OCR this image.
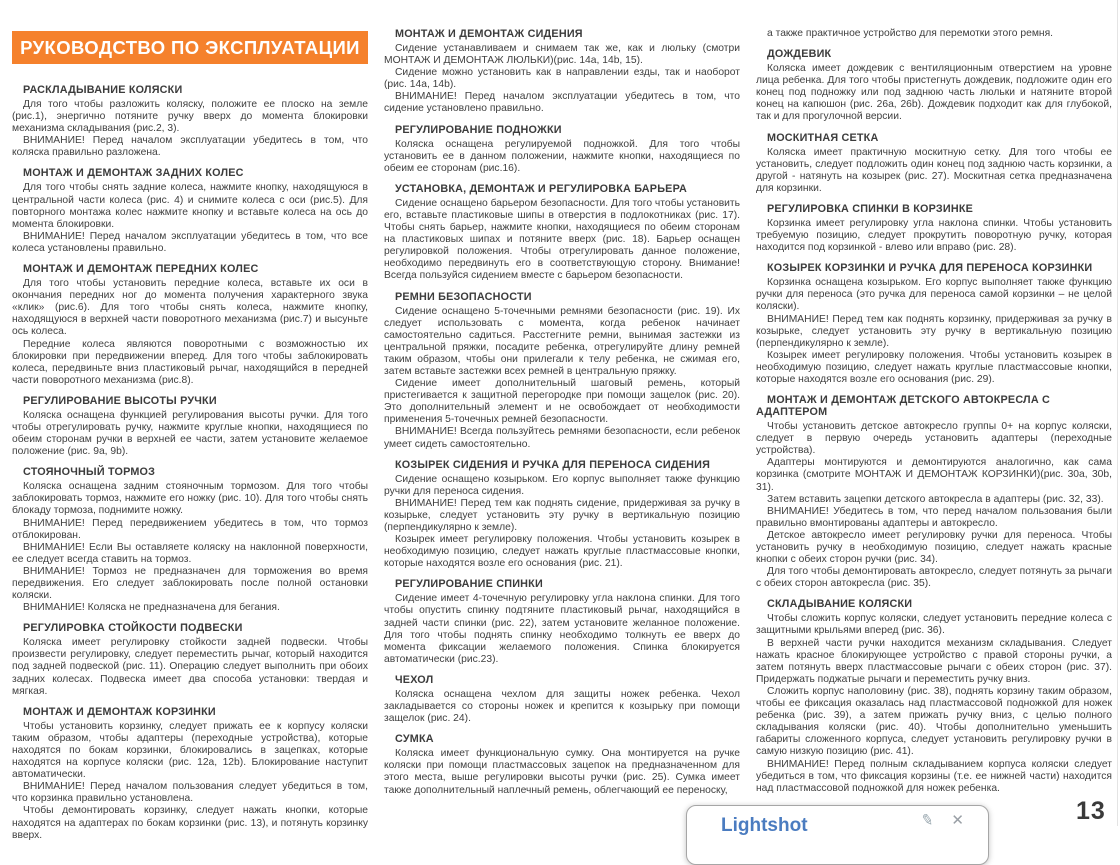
РУКОВОДСТВО ПО ЭКСПЛУАТАЦИИ
РАСКЛАДЫВАНИЕ КОЛЯСКИ

Для того чтобы разложить коляску, положите ее плоско на земле (рис.1), энергично потяните ручку вверх до момента блокировки механизма складывания (рис.2, 3).

ВНИМАНИЕ! Перед началом эксплуатации убедитесь в том, что коляска правильно разложена.

МОНТАЖ И ДЕМОНТАЖ ЗАДНИХ КОЛЕС

Для того чтобы снять задние колеса, нажмите кнопку, находящуюся в центральной части колеса (рис. 4) и снимите колеса с оси (рис.5). Для повторного монтажа колес нажмите кнопку и вставьте колеса на ось до момента блокировки.

ВНИМАНИЕ! Перед началом эксплуатации убедитесь в том, что все колеса установлены правильно.

МОНТАЖ И ДЕМОНТАЖ ПЕРЕДНИХ КОЛЕС

Для того чтобы установить передние колеса, вставьте их оси в окончания передних ног до момента получения характерного звука «клик» (рис.6). Для того чтобы снять колеса, нажмите кнопку, находящуюся в верхней части поворотного механизма (рис.7) и высуньте ось колеса.

Передние колеса являются поворотными с возможностью их блокировки при передвижении вперед. Для того чтобы заблокировать колеса, передвиньте вниз пластиковый рычаг, находящийся в передней части поворотного механизма (рис.8).

РЕГУЛИРОВАНИЕ ВЫСОТЫ РУЧКИ

Коляска оснащена функцией регулирования высоты ручки. Для того чтобы отрегулировать ручку, нажмите круглые кнопки, находящиеся по обеим сторонам ручки в верхней ее части, затем установите желаемое положение (рис. 9a, 9b).

СТОЯНОЧНЫЙ ТОРМОЗ

Коляска оснащена задним стояночным тормозом. Для того чтобы заблокировать тормоз, нажмите его ножку (рис. 10). Для того чтобы снять блокаду тормоза, поднимите ножку.

ВНИМАНИЕ! Перед передвижением убедитесь в том, что тормоз отблокирован.

ВНИМАНИЕ! Если Вы оставляете коляску на наклонной поверхности, ее следует всегда ставить на тормоз.

ВНИМАНИЕ! Тормоз не предназначен для торможения во время передвижения. Его следует заблокировать после полной остановки коляски.

ВНИМАНИЕ! Коляска не предназначена для бегания.

РЕГУЛИРОВКА СТОЙКОСТИ ПОДВЕСКИ

Коляска имеет регулировку стойкости задней подвески. Чтобы произвести регулировку, следует переместить рычаг, который находится под задней подвеской (рис. 11). Операцию следует выполнить при обоих задних колесах. Подвеска имеет два способа установки: твердая и мягкая.

МОНТАЖ И ДЕМОНТАЖ КОРЗИНКИ

Чтобы установить корзинку, следует прижать ее к корпусу коляски таким образом, чтобы адаптеры (переходные устройства), которые находятся по бокам корзинки, блокировались в зацепках, которые находятся на корпусе коляски (рис. 12a, 12b). Блокирование наступит автоматически.

ВНИМАНИЕ! Перед началом пользования следует убедиться в том, что корзинка правильно установлена.

Чтобы демонтировать корзинку, следует нажать кнопки, которые находятся на адаптерах по бокам корзинки (рис. 13), и потянуть корзинку вверх.

МОНТАЖ И ДЕМОНТАЖ СИДЕНИЯ

Сидение устанавливаем и снимаем так же, как и люльку (смотри МОНТАЖ И ДЕМОНТАЖ ЛЮЛЬКИ)(рис. 14a, 14b, 15).

Сидение можно установить как в направлении езды, так и наоборот (рис. 14a, 14b).

ВНИМАНИЕ! Перед началом эксплуатации убедитесь в том, что сидение установлено правильно.

РЕГУЛИРОВАНИЕ ПОДНОЖКИ

Коляска оснащена регулируемой подножкой. Для того чтобы установить ее в данном положении, нажмите кнопки, находящиеся по обеим ее сторонам (рис.16).

УСТАНОВКА, ДЕМОНТАЖ И РЕГУЛИРОВКА БАРЬЕРА

Сидение оснащено барьером безопасности. Для того чтобы установить его, вставьте пластиковые шипы в отверстия в подлокотниках (рис. 17). Чтобы снять барьер, нажмите кнопки, находящиеся по обеим сторонам на пластиковых шипах и потяните вверх (рис. 18). Барьер оснащен регулировкой положения. Чтобы отрегулировать данное положение, необходимо передвинуть его в соответствующую сторону. Внимание! Всегда пользуйся сидением вместе с барьером безопасности.

РЕМНИ БЕЗОПАСНОСТИ

Сидение оснащено 5-точечными ремнями безопасности (рис. 19). Их следует использовать с момента, когда ребенок начинает самостоятельно садиться. Расстегните ремни, вынимая застежки из центральной пряжки, посадите ребенка, отрегулируйте длину ремней таким образом, чтобы они прилегали к телу ребенка, не сжимая его, затем вставьте застежки всех ремней в центральную пряжку.

Сидение имеет дополнительный шаговый ремень, который пристегивается к защитной перегородке при помощи защелок (рис. 20). Это дополнительный элемент и не освобождает от необходимости применения 5-точечных ремней безопасности.

ВНИМАНИЕ! Всегда пользуйтесь ремнями безопасности, если ребенок умеет сидеть самостоятельно.

КОЗЫРЕК СИДЕНИЯ И РУЧКА ДЛЯ ПЕРЕНОСА СИДЕНИЯ

Сидение оснащено козырьком. Его корпус выполняет также функцию ручки для переноса сидения.

ВНИМАНИЕ! Перед тем как поднять сидение, придерживая за ручку в козырьке, следует установить эту ручку в вертикальную позицию (перпендикулярно к земле).

Козырек имеет регулировку положения. Чтобы установить козырек в необходимую позицию, следует нажать круглые пластмассовые кнопки, которые находятся возле его основания (рис. 21).

РЕГУЛИРОВАНИЕ СПИНКИ

Сидение имеет 4-точечную регулировку угла наклона спинки. Для того чтобы опустить спинку подтяните пластиковый рычаг, находящийся в задней части спинки (рис. 22), затем установите желанное положение. Для того чтобы поднять спинку необходимо толкнуть ее вверх до момента фиксации желаемого положения. Спинка блокируется автоматически (рис.23).

ЧЕХОЛ

Коляска оснащена чехлом для защиты ножек ребенка. Чехол закладывается со стороны ножек и крепится к козырьку при помощи защелок (рис. 24).

СУМКА

Коляска имеет функциональную сумку. Она монтируется на ручке коляски при помощи пластмассовых зацепок на предназначенном для этого места, выше регулировки высоты ручки (рис. 25). Сумка имеет также дополнительный наплечный ремень, облегчающий ее переноску,

а также практичное устройство для перемотки этого ремня.

ДОЖДЕВИК

Коляска имеет дождевик с вентиляционным отверстием на уровне лица ребенка. Для того чтобы пристегнуть дождевик, подложите один его конец под подножку или под заднюю часть люльки и натяните второй конец на капюшон (рис. 26a, 26b). Дождевик подходит как для глубокой, так и для прогулочной версии.

МОСКИТНАЯ СЕТКА

Коляска имеет практичную москитную сетку. Для того чтобы ее установить, следует подложить один конец под заднюю часть корзинки, а другой - натянуть на козырек (рис. 27). Москитная сетка предназначена для корзинки.

РЕГУЛИРОВКА СПИНКИ В КОРЗИНКЕ

Корзинка имеет регулировку угла наклона спинки. Чтобы установить требуемую позицию, следует прокрутить поворотную ручку, которая находится под корзинкой - влево или вправо (рис. 28).

КОЗЫРЕК КОРЗИНКИ И РУЧКА ДЛЯ ПЕРЕНОСА КОРЗИНКИ

Корзинка оснащена козырьком. Его корпус выполняет также функцию ручки для переноса (это ручка для переноса самой корзинки – не целой коляски).

ВНИМАНИЕ! Перед тем как поднять корзинку, придерживая за ручку в козырьке, следует установить эту ручку в вертикальную позицию (перпендикулярно к земле).

Козырек имеет регулировку положения. Чтобы установить козырек в необходимую позицию, следует нажать круглые пластмассовые кнопки, которые находятся возле его основания (рис. 29).

МОНТАЖ И ДЕМОНТАЖ ДЕТСКОГО АВТОКРЕСЛА С АДАПТЕРОМ

Чтобы установить детское автокресло группы 0+ на корпус коляски, следует в первую очередь установить адаптеры (переходные устройства).

Адаптеры монтируются и демонтируются аналогично, как сама корзинка (смотрите МОНТАЖ И ДЕМОНТАЖ КОРЗИНКИ)(рис. 30a, 30b, 31).

Затем вставить зацепки детского автокресла в адаптеры (рис. 32, 33).

ВНИМАНИЕ! Убедитесь в том, что перед началом пользования были правильно вмонтированы адаптеры и автокресло.

Детское автокресло имеет регулировку ручки для переноса. Чтобы установить ручку в необходимую позицию, следует нажать красные кнопки с обеих сторон ручки (рис. 34).

Для того чтобы демонтировать автокресло, следует потянуть за рычаги с обеих сторон автокресла (рис. 35).

СКЛАДЫВАНИЕ КОЛЯСКИ

Чтобы сложить корпус коляски, следует установить передние колеса с защитными крыльями вперед (рис. 36).

В верхней части ручки находится механизм складывания. Следует нажать красное блокирующее устройство с правой стороны ручки, а затем потянуть вверх пластмассовые рычаги с обеих сторон (рис. 37). Придержать поджатые рычаги и переместить ручку вниз.

Сложить корпус наполовину (рис. 38), поднять корзину таким образом, чтобы ее фиксация оказалась над пластмассовой подножкой для ножек ребенка (рис. 39), а затем прижать ручку вниз, с целью полного складывания коляски (рис. 40). Чтобы дополнительно уменьшить габариты сложенного корпуса, следует установить регулировку ручки в самую низкую позицию (рис. 41).

ВНИМАНИЕ! Перед полным складыванием корпуса коляски следует убедиться в том, что фиксация корзины (т.е. ее нижней части) находится над пластмассовой подножкой для ножек ребенка.

Lightshot	✎ ✕	13
